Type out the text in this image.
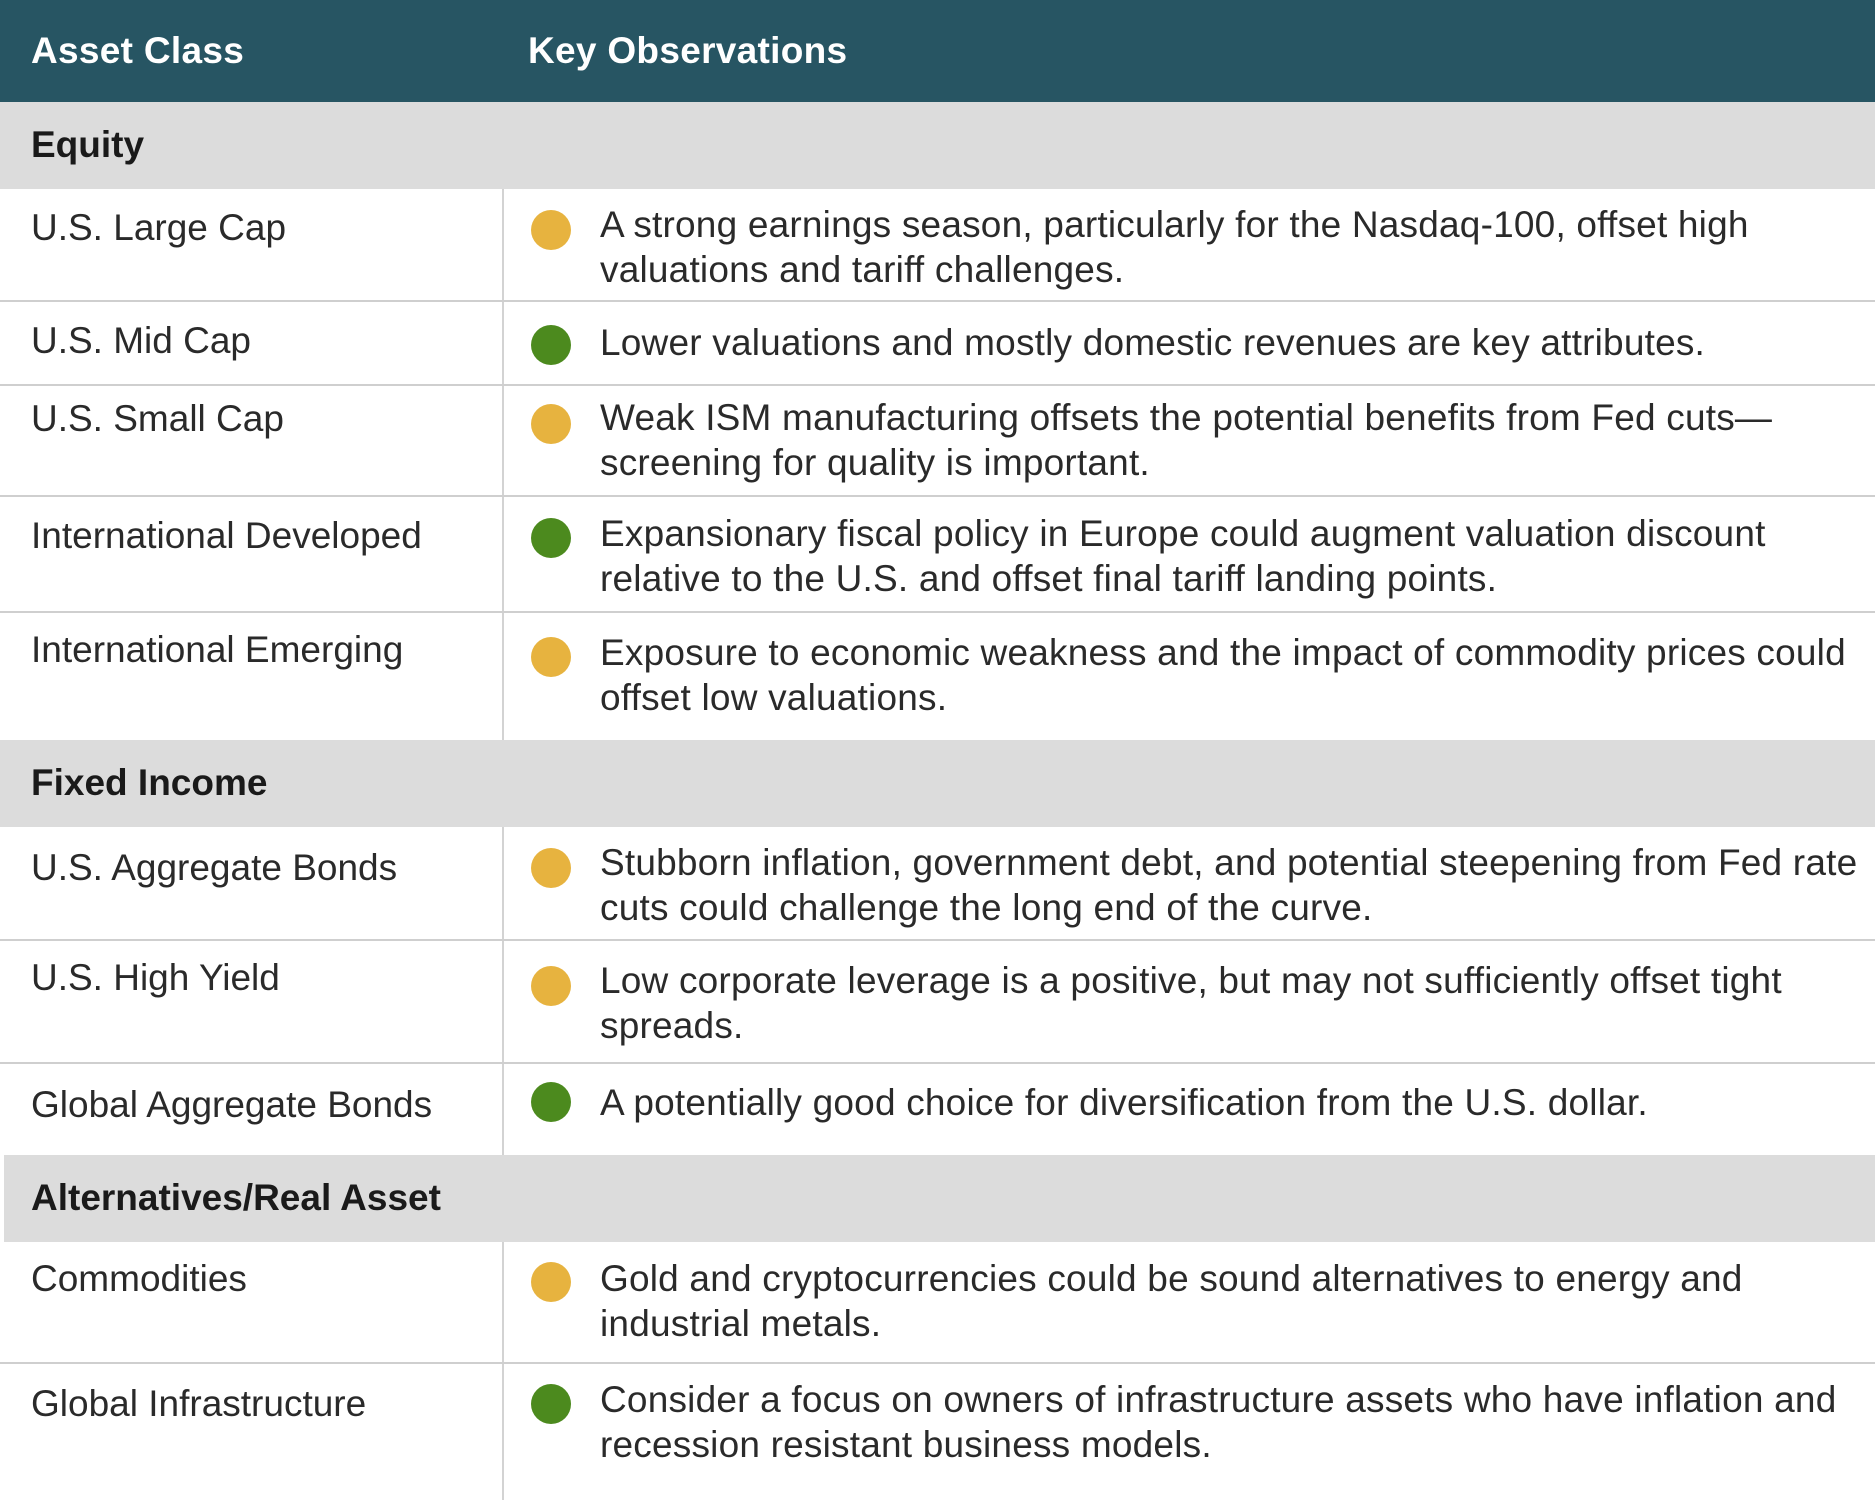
Asset Class	Key Observations
Equity
U.S. Large Cap	A strong earnings season, particularly for the Nasdaq-100, offset high valuations and tariff challenges.
U.S. Mid Cap	Lower valuations and mostly domestic revenues are key attributes.
U.S. Small Cap	Weak ISM manufacturing offsets the potential benefits from Fed cuts—screening for quality is important.
International Developed	Expansionary fiscal policy in Europe could augment valuation discount relative to the U.S. and offset final tariff landing points.
International Emerging	Exposure to economic weakness and the impact of commodity prices could offset low valuations.
Fixed Income
U.S. Aggregate Bonds	Stubborn inflation, government debt, and potential steepening from Fed rate cuts could challenge the long end of the curve.
U.S. High Yield	Low corporate leverage is a positive, but may not sufficiently offset tight spreads.
Global Aggregate Bonds	A potentially good choice for diversification from the U.S. dollar.
Alternatives/Real Asset
Commodities	Gold and cryptocurrencies could be sound alternatives to energy and industrial metals.
Global Infrastructure	Consider a focus on owners of infrastructure assets who have inflation and recession resistant business models.
